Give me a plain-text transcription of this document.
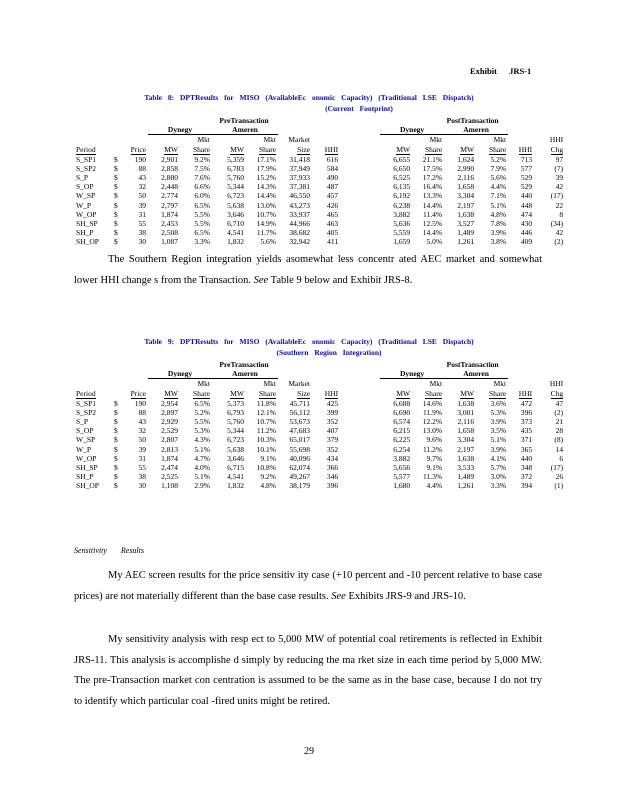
Exhibit JRS-1
Table 8: DPTResults for MISO (AvailableEc onomic Capacity) (Traditional LSE Dispatch)
(Current Footprint)
			PreTransaction							PostTransaction					
			Dynegy		Ameren					Dynegy		Ameren			
				Mkt		Mkt	Market				Mkt		Mkt		HHI
Period		Price	MW	Share	MW	Share	Size	HHI		MW	Share	MW	Share	HHI	Chg
S_SP1	$	190	2,901	9.2%	5,359	17.1%	31,418	616		6,655	21.1%	1,624	5.2%	713	97
S_SP2	$	88	2,858	7.5%	6,783	17.9%	37,949	584		6,650	17.5%	2,990	7.9%	577	(7)
S_P	$	43	2,880	7.6%	5,760	15.2%	37,933	490		6,525	17.2%	2,116	5.6%	529	39
S_OP	$	32	2,448	6.6%	5,344	14.3%	37,381	487		6,135	16.4%	1,658	4.4%	529	42
W_SP	$	50	2,774	6.0%	6,723	14.4%	46,550	457		6,192	13.3%	3,304	7.1%	440	(17)
W_P	$	39	2,797	6.5%	5,638	13.0%	43,273	426		6,238	14.4%	2,197	5.1%	448	22
W_OP	$	31	1,874	5.5%	3,646	10.7%	33,937	465		3,882	11.4%	1,638	4.8%	474	8
SH_SP	$	55	2,453	5.5%	6,710	14.9%	44,966	463		5,636	12.5%	3,527	7.8%	430	(34)
SH_P	$	38	2,508	6.5%	4,541	11.7%	38,682	405		5,559	14.4%	1,489	3.9%	446	42
SH_OP	$	30	1,087	3.3%	1,832	5.6%	32,942	411		1,659	5.0%	1,261	3.8%	409	(2)
The Southern Region integration yields asomewhat less concentr ated AEC market and somewhat lower HHI change s from the Transaction. See Table 9 below and Exhibit JRS-8.
Table 9: DPTResults for MISO (AvailableEc onomic Capacity) (Traditional LSE Dispatch)
(Southern Region Integration)
			PreTransaction							PostTransaction					
			Dynegy		Ameren					Dynegy		Ameren			
				Mkt		Mkt	Market				Mkt		Mkt		HHI
Period		Price	MW	Share	MW	Share	Size	HHI		MW	Share	MW	Share	HHI	Chg
S_SP1	$	190	2,954	6.5%	5,373	11.8%	45,711	425		6,688	14.6%	1,638	3.6%	472	47
S_SP2	$	88	2,897	5.2%	6,793	12.1%	56,112	399		6,690	11.9%	3,001	5.3%	396	(2)
S_P	$	43	2,929	5.5%	5,760	10.7%	53,673	352		6,574	12.2%	2,116	3.9%	373	21
S_OP	$	32	2,529	5.3%	5,344	11.2%	47,683	407		6,215	13.0%	1,658	3.5%	435	28
W_SP	$	50	2,807	4.3%	6,723	10.3%	65,017	379		6,225	9.6%	3,304	5.1%	371	(8)
W_P	$	39	2,813	5.1%	5,638	10.1%	55,698	352		6,254	11.2%	2,197	3.9%	365	14
W_OP	$	31	1,874	4.7%	3,646	9.1%	40,096	434		3,882	9.7%	1,638	4.1%	440	6
SH_SP	$	55	2,474	4.0%	6,715	10.8%	62,074	366		5,656	9.1%	3,533	5.7%	348	(17)
SH_P	$	38	2,525	5.1%	4,541	9.2%	49,267	346		5,577	11.3%	1,489	3.0%	372	26
SH_OP	$	30	1,108	2.9%	1,832	4.8%	38,179	396		1,680	4.4%	1,261	3.3%	394	(1)
Sensitivity Results
My AEC screen results for the price sensitiv ity case (+10 percent and -10 percent relative to base case prices) are not materially different than the base case results. See Exhibits JRS-9 and JRS-10.
My sensitivity analysis with resp ect to 5,000 MW of potential coal retirements is reflected in Exhibit JRS-11. This analysis is accomplishe d simply by reducing the ma rket size in each time period by 5,000 MW. The pre-Transaction market con centration is assumed to be the same as in the base case, because I do not try to identify which particular coal -fired units might be retired.
29
